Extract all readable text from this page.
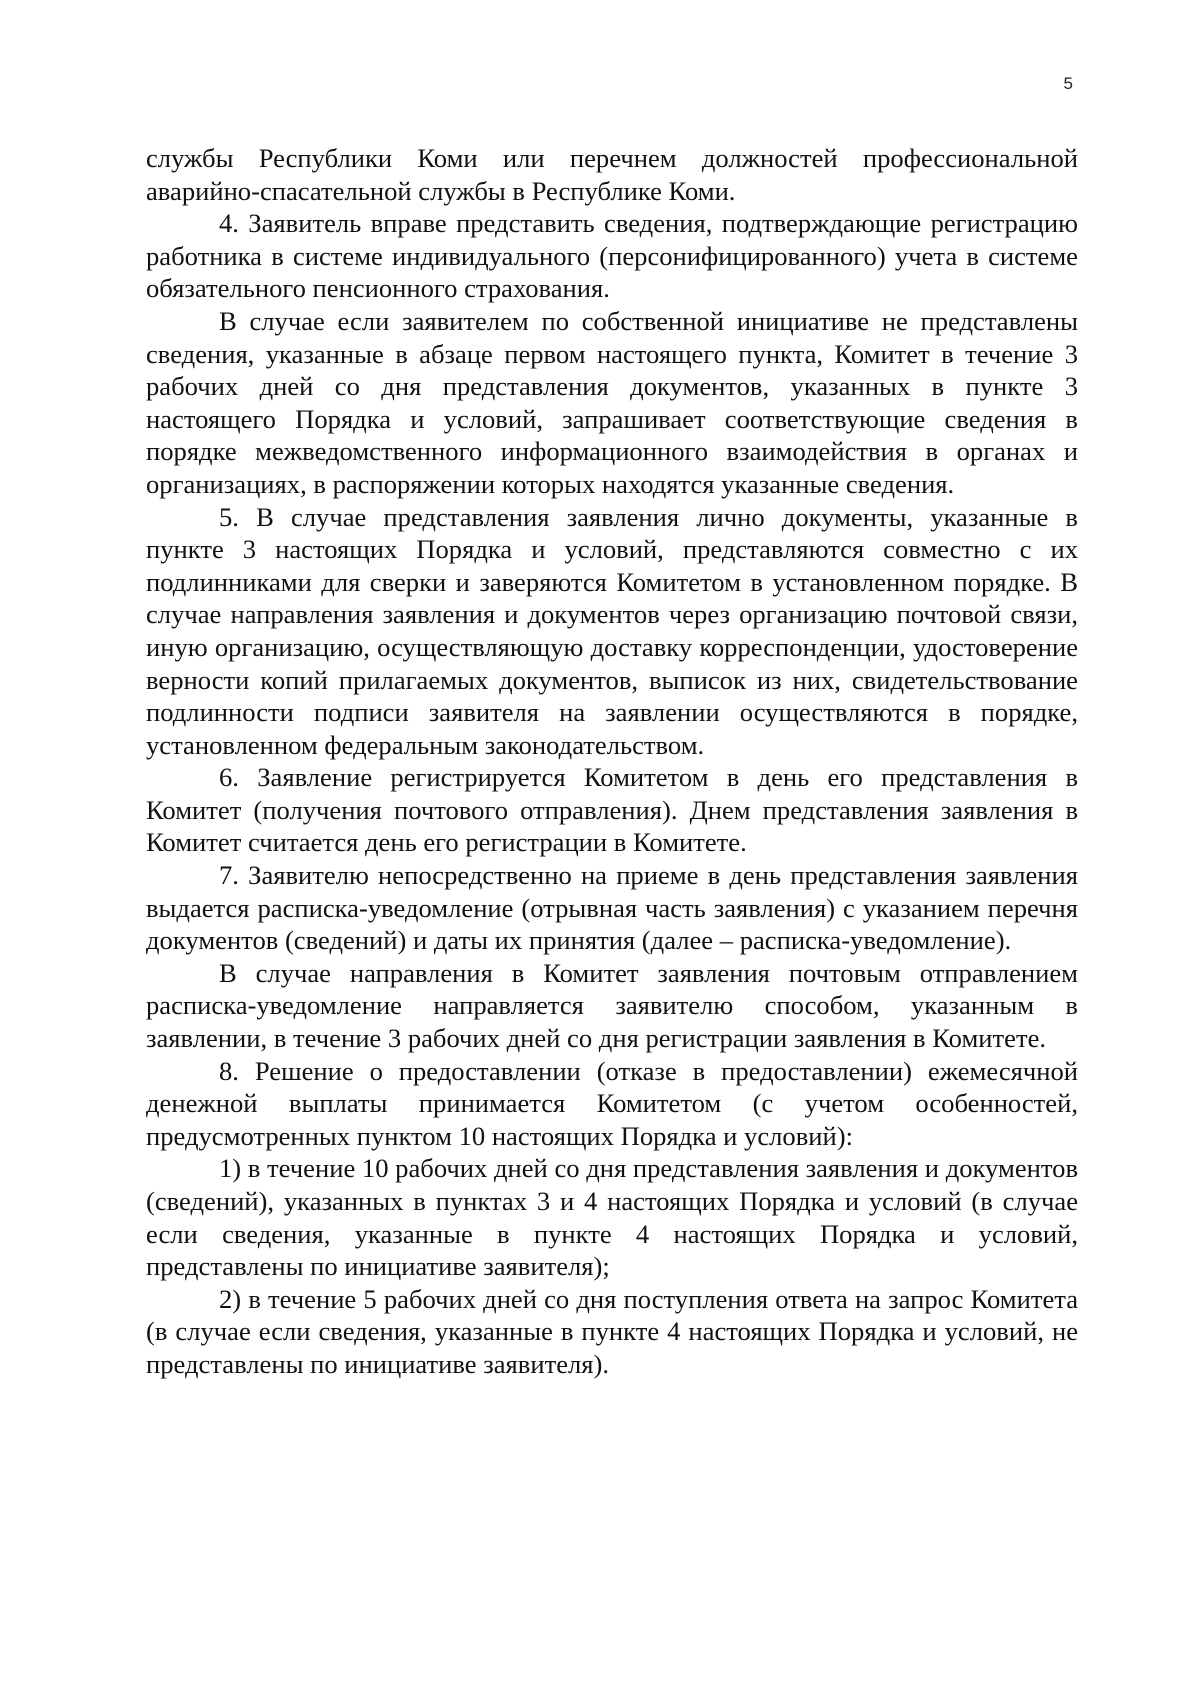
5

службы Республики Коми или перечнем должностей профессиональной аварийно-спасательной службы в Республике Коми.

4. Заявитель вправе представить сведения, подтверждающие регистрацию работника в системе индивидуального (персонифицированного) учета в системе обязательного пенсионного страхования.

В случае если заявителем по собственной инициативе не представлены сведения, указанные в абзаце первом настоящего пункта, Комитет в течение 3 рабочих дней со дня представления документов, указанных в пункте 3 настоящего Порядка и условий, запрашивает соответствующие сведения в порядке межведомственного информационного взаимодействия в органах и организациях, в распоряжении которых находятся указанные сведения.

5. В случае представления заявления лично документы, указанные в пункте 3 настоящих Порядка и условий, представляются совместно с их подлинниками для сверки и заверяются Комитетом в установленном порядке. В случае направления заявления и документов через организацию почтовой связи, иную организацию, осуществляющую доставку корреспонденции, удостоверение верности копий прилагаемых документов, выписок из них, свидетельствование подлинности подписи заявителя на заявлении осуществляются в порядке, установленном федеральным законодательством.

6. Заявление регистрируется Комитетом в день его представления в Комитет (получения почтового отправления). Днем представления заявления в Комитет считается день его регистрации в Комитете.

7. Заявителю непосредственно на приеме в день представления заявления выдается расписка-уведомление (отрывная часть заявления) с указанием перечня документов (сведений) и даты их принятия (далее – расписка-уведомление).

В случае направления в Комитет заявления почтовым отправлением расписка-уведомление направляется заявителю способом, указанным в заявлении, в течение 3 рабочих дней со дня регистрации заявления в Комитете.

8. Решение о предоставлении (отказе в предоставлении) ежемесячной денежной выплаты принимается Комитетом (с учетом особенностей, предусмотренных пунктом 10 настоящих Порядка и условий):

1) в течение 10 рабочих дней со дня представления заявления и документов (сведений), указанных в пунктах 3 и 4 настоящих Порядка и условий (в случае если сведения, указанные в пункте 4 настоящих Порядка и условий, представлены по инициативе заявителя);

2) в течение 5 рабочих дней со дня поступления ответа на запрос Комитета (в случае если сведения, указанные в пункте 4 настоящих Порядка и условий, не представлены по инициативе заявителя).
